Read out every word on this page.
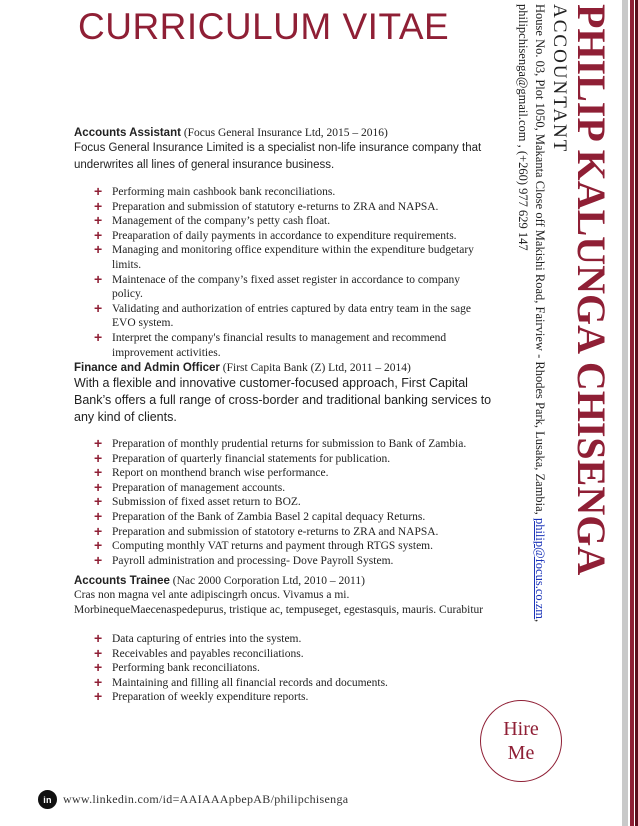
CURRICULUM VITAE	PHILIP KALUNGA CHISENGA

ACCOUNTANT

House No. 03, Plot 1050, Makanta Close off Makishi Road, Fairview - Rhodes Park, Lusaka, Zambia, philip@focus.co.zm,

philipchisenga@gmail.com , (+260) 977 629 147

Accounts Assistant (Focus General Insurance Ltd, 2015 – 2016)

Focus General Insurance Limited is a specialist non-life insurance company that underwrites all lines of general insurance business.

+ Performing main cashbook bank reconciliations.
+ Preparation and submission of statutory e-returns to ZRA and NAPSA.
+ Management of the company’s petty cash float.
+ Preaparation of daily payments in accordance to expenditure requirements.
+ Managing and monitoring office expenditure within the expenditure budgetary limits.
+ Maintenace of the company’s fixed asset register in accordance to company policy.
+ Validating and authorization of entries captured by data entry team in the sage EVO system.
+ Interpret the company's financial results to management and recommend improvement activities.

Finance and Admin Officer (First Capita Bank (Z) Ltd, 2011 – 2014)

With a flexible and innovative customer-focused approach, First Capital Bank’s offers a full range of cross-border and traditional banking services to any kind of clients.

+ Preparation of monthly prudential returns for submission to Bank of Zambia.
+ Preparation of quarterly financial statements for publication.
+ Report on monthend branch wise performance.
+ Preparation of management accounts.
+ Submission of fixed asset return to BOZ.
+ Preparation of the Bank of Zambia Basel 2 capital dequacy Returns.
+ Preparation and submission of statotory e-returns to ZRA and NAPSA.
+ Computing monthly VAT returns and payment through RTGS system.
+ Payroll administration and processing- Dove Payroll System.

Accounts Trainee (Nac 2000 Corporation Ltd, 2010 – 2011)

Cras non magna vel ante adipiscingrh oncus. Vivamus a mi. MorbinequeMaecenaspedepurus, tristique ac, tempuseget, egestasquis, mauris. Curabitur

+ Data capturing of entries into the system.
+ Receivables and payables reconciliations.
+ Performing bank reconciliatons.
+ Maintaining and filling all financial records and documents.
+ Preparation of weekly expenditure reports.
Hire
Me
in www.linkedin.com/id=AAIAAApbepAB/philipchisenga
